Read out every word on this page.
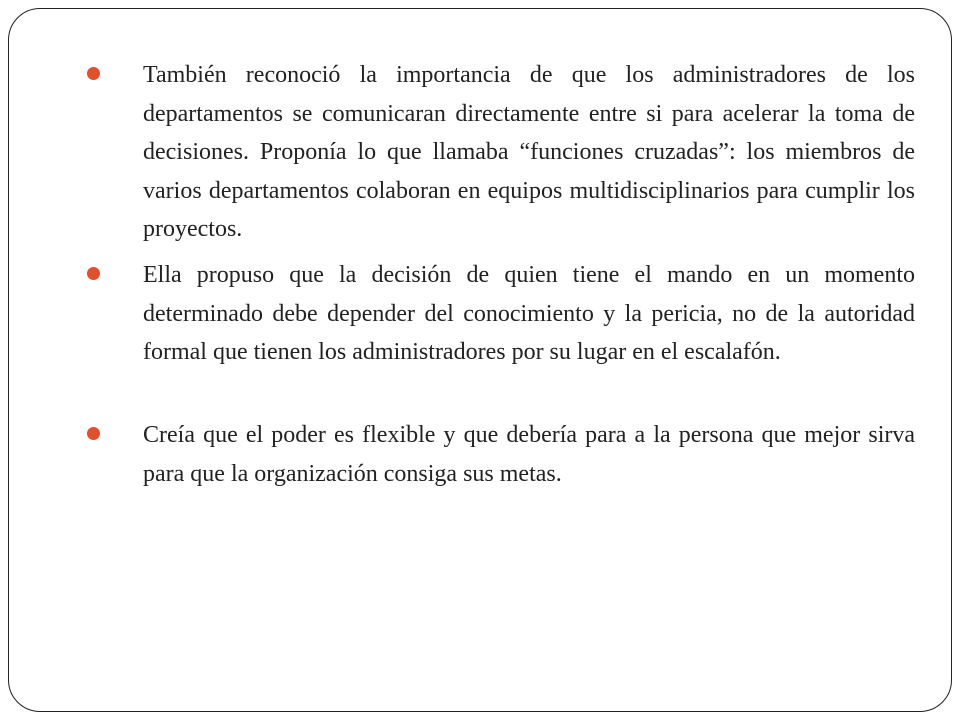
También reconoció la importancia de que los administradores de los departamentos se comunicaran directamente entre si para acelerar la toma de decisiones. Proponía lo que llamaba “funciones cruzadas”: los miembros de varios departamentos colaboran en equipos multidisciplinarios para cumplir los proyectos.
Ella propuso que la decisión de quien tiene el mando en un momento determinado debe depender del conocimiento y la pericia, no de la autoridad formal que tienen los administradores por su lugar en el escalafón.
Creía que el poder es flexible y que debería para a la persona que mejor sirva para que la organización consiga sus metas.
